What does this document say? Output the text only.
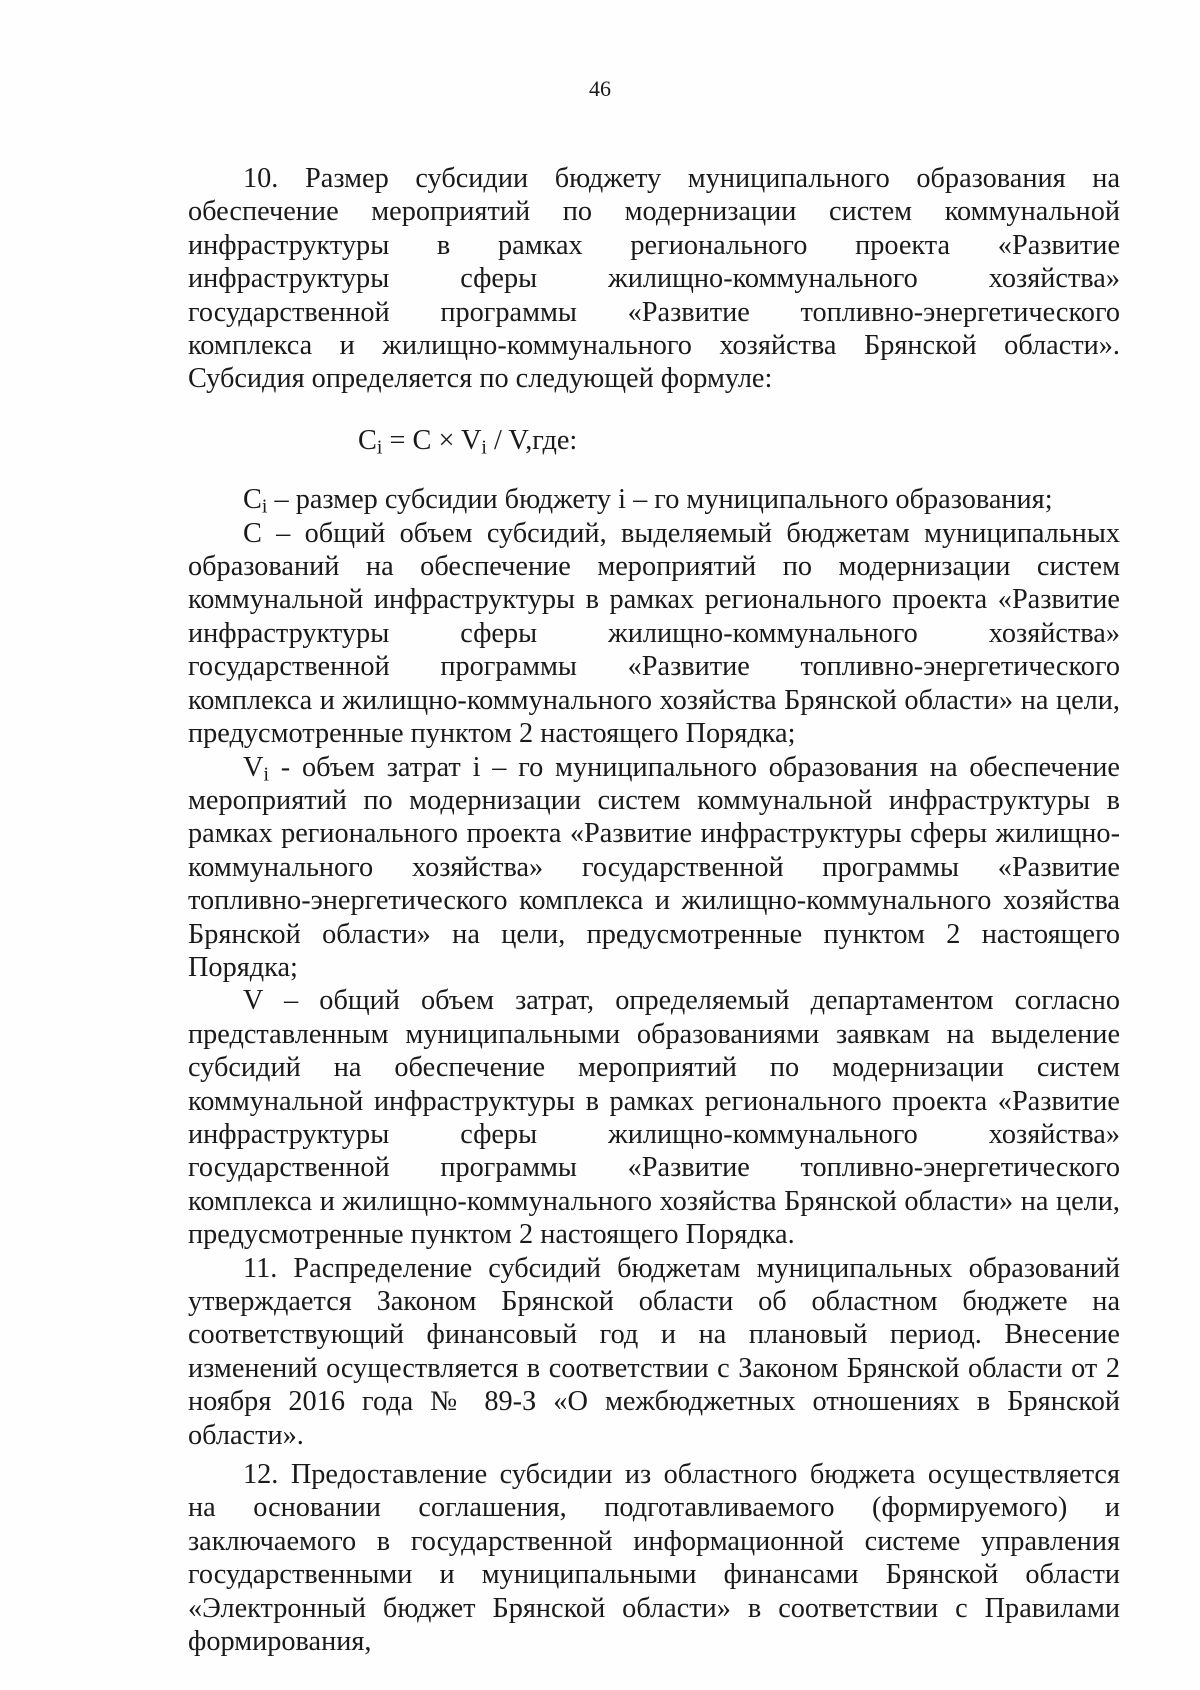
46

10. Размер субсидии бюджету муниципального образования на обеспечение мероприятий по модернизации систем коммунальной инфраструктуры в рамках регионального проекта «Развитие инфраструктуры сферы жилищно-коммунального хозяйства» государственной программы «Развитие топливно-энергетического комплекса и жилищно-коммунального хозяйства Брянской области». Субсидия определяется по следующей формуле:

$C_i = C \times V_i / V,где$:

$C_i$ – размер субсидии бюджету i – го муниципального образования;

C – общий объем субсидий, выделяемый бюджетам муниципальных образований на обеспечение мероприятий по модернизации систем коммунальной инфраструктуры в рамках регионального проекта «Развитие инфраструктуры сферы жилищно-коммунального хозяйства» государственной программы «Развитие топливно-энергетического комплекса и жилищно-коммунального хозяйства Брянской области» на цели, предусмотренные пунктом 2 настоящего Порядка;

$V_i$ - объем затрат i – го муниципального образования на обеспечение мероприятий по модернизации систем коммунальной инфраструктуры в рамках регионального проекта «Развитие инфраструктуры сферы жилищно-коммунального хозяйства» государственной программы «Развитие топливно-энергетического комплекса и жилищно-коммунального хозяйства Брянской области» на цели, предусмотренные пунктом 2 настоящего Порядка;

V – общий объем затрат, определяемый департаментом согласно представленным муниципальными образованиями заявкам на выделение субсидий на обеспечение мероприятий по модернизации систем коммунальной инфраструктуры в рамках регионального проекта «Развитие инфраструктуры сферы жилищно-коммунального хозяйства» государственной программы «Развитие топливно-энергетического комплекса и жилищно-коммунального хозяйства Брянской области» на цели, предусмотренные пунктом 2 настоящего Порядка.

11. Распределение субсидий бюджетам муниципальных образований утверждается Законом Брянской области об областном бюджете на соответствующий финансовый год и на плановый период. Внесение изменений осуществляется в соответствии с Законом Брянской области от 2 ноября 2016 года № 89-З «О межбюджетных отношениях в Брянской области».

12. Предоставление субсидии из областного бюджета осуществляется на основании соглашения, подготавливаемого (формируемого) и заключаемого в государственной информационной системе управления государственными и муниципальными финансами Брянской области «Электронный бюджет Брянской области» в соответствии с Правилами формирования,
